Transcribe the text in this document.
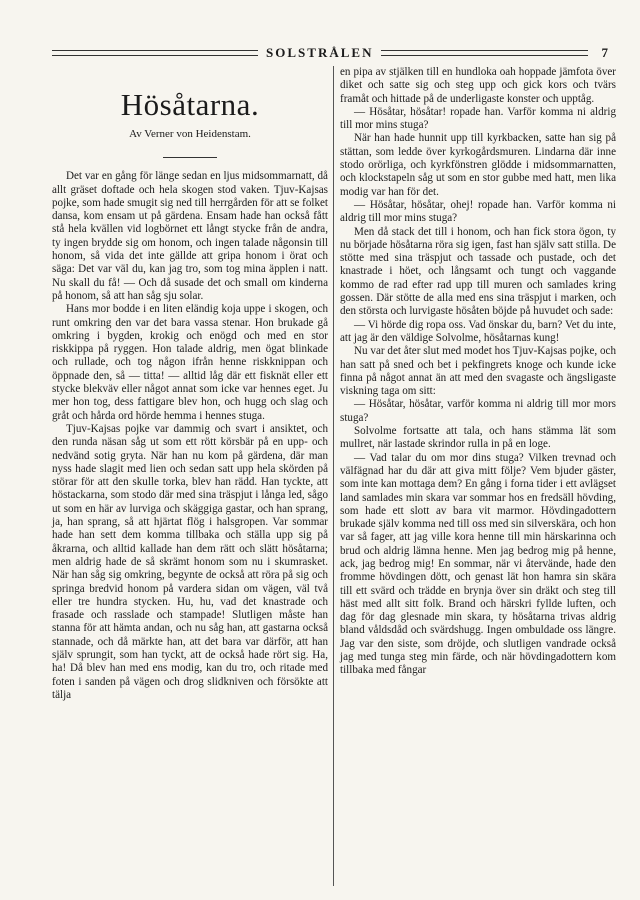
SOLSTRÅLEN	7
Hösåtarna.
Av Verner von Heidenstam.

Det var en gång för länge sedan en ljus midsommarnatt, då allt gräset doftade och hela skogen stod vaken. Tjuv-Kajsas pojke, som hade smugit sig ned till herrgården för att se folket dansa, kom ensam ut på gärdena. Ensam hade han också fått stå hela kvällen vid logbörnet ett långt stycke från de andra, ty ingen brydde sig om honom, och ingen talade någonsin till honom, så vida det inte gällde att gripa honom i örat och säga: Det var väl du, kan jag tro, som tog mina äpplen i natt. Nu skall du få! — Och då susade det och small om kinderna på honom, så att han såg sju solar.

Hans mor bodde i en liten eländig koja uppe i skogen, och runt omkring den var det bara vassa stenar. Hon brukade gå omkring i bygden, krokig och enögd och med en stor riskkippa på ryggen. Hon talade aldrig, men ögat blinkade och rullade, och tog någon ifrån henne riskknippan och öppnade den, så — titta! — alltid låg där ett fisknät eller ett stycke blekväv eller något annat som icke var hennes eget. Ju mer hon tog, dess fattigare blev hon, och hugg och slag och gråt och hårda ord hörde hemma i hennes stuga.

Tjuv-Kajsas pojke var dammig och svart i ansiktet, och den runda näsan såg ut som ett rött körsbär på en upp- och nedvänd sotig gryta. När han nu kom på gärdena, där man nyss hade slagit med lien och sedan satt upp hela skörden på störar för att den skulle torka, blev han rädd. Han tyckte, att höstackarna, som stodo där med sina träspjut i långa led, sågo ut som en här av lurviga och skäggiga gastar, och han sprang, ja, han sprang, så att hjärtat flög i halsgropen. Var sommar hade han sett dem komma tillbaka och ställa upp sig på åkrarna, och alltid kallade han dem rätt och slätt hösåtarna; men aldrig hade de så skrämt honom som nu i skumrasket. När han såg sig omkring, begynte de också att röra på sig och springa bredvid honom på vardera sidan om vägen, väl två eller tre hundra stycken. Hu, hu, vad det knastrade och frasade och rasslade och stampade! Slutligen måste han stanna för att hämta andan, och nu såg han, att gastarna också stannade, och då märkte han, att det bara var därför, att han själv sprungit, som han tyckt, att de också hade rört sig. Ha, ha! Då blev han med ens modig, kan du tro, och ritade med foten i sanden på vägen och drog slidkniven och försökte att tälja

en pipa av stjälken till en hundloka oah hoppade jämfota över diket och satte sig och steg upp och gick kors och tvärs framåt och hittade på de underligaste konster och upptåg.

— Hösåtar, hösåtar! ropade han. Varför komma ni aldrig till mor mins stuga?

När han hade hunnit upp till kyrkbacken, satte han sig på stättan, som ledde över kyrkogårdsmuren. Lindarna där inne stodo orörliga, och kyrkfönstren glödde i midsommarnatten, och klockstapeln såg ut som en stor gubbe med hatt, men lika modig var han för det.

— Hösåtar, hösåtar, ohej! ropade han. Varför komma ni aldrig till mor mins stuga?

Men då stack det till i honom, och han fick stora ögon, ty nu började hösåtarna röra sig igen, fast han själv satt stilla. De stötte med sina träspjut och tassade och pustade, och det knastrade i höet, och långsamt och tungt och vaggande kommo de rad efter rad upp till muren och samlades kring gossen. Där stötte de alla med ens sina träspjut i marken, och den största och lurvigaste hösåten böjde på huvudet och sade:

— Vi hörde dig ropa oss. Vad önskar du, barn? Vet du inte, att jag är den väldige Solvolme, hösåtarnas kung!

Nu var det åter slut med modet hos Tjuv-Kajsas pojke, och han satt på sned och bet i pekfingrets knoge och kunde icke finna på något annat än att med den svagaste och ängsligaste viskning taga om sitt:

— Hösåtar, hösåtar, varför komma ni aldrig till mor mors stuga?

Solvolme fortsatte att tala, och hans stämma lät som mullret, när lastade skrindor rulla in på en loge.

— Vad talar du om mor dins stuga? Vilken trevnad och välfägnad har du där att giva mitt följe? Vem bjuder gäster, som inte kan mottaga dem? En gång i forna tider i ett avlägset land samlades min skara var sommar hos en fredsäll hövding, som hade ett slott av bara vit marmor. Hövdingadottern brukade själv komma ned till oss med sin silverskära, och hon var så fager, att jag ville kora henne till min härskarinna och brud och aldrig lämna henne. Men jag bedrog mig på henne, ack, jag bedrog mig! En sommar, när vi återvände, hade den fromme hövdingen dött, och genast lät hon hamra sin skära till ett svärd och trädde en brynja över sin dräkt och steg till häst med allt sitt folk. Brand och härskri fyllde luften, och dag för dag glesnade min skara, ty hösåtarna trivas aldrig bland våldsdåd och svärdshugg. Ingen ombuldade oss längre. Jag var den siste, som dröjde, och slutligen vandrade också jag med tunga steg min färde, och när hövdingadottern kom tillbaka med fångar
